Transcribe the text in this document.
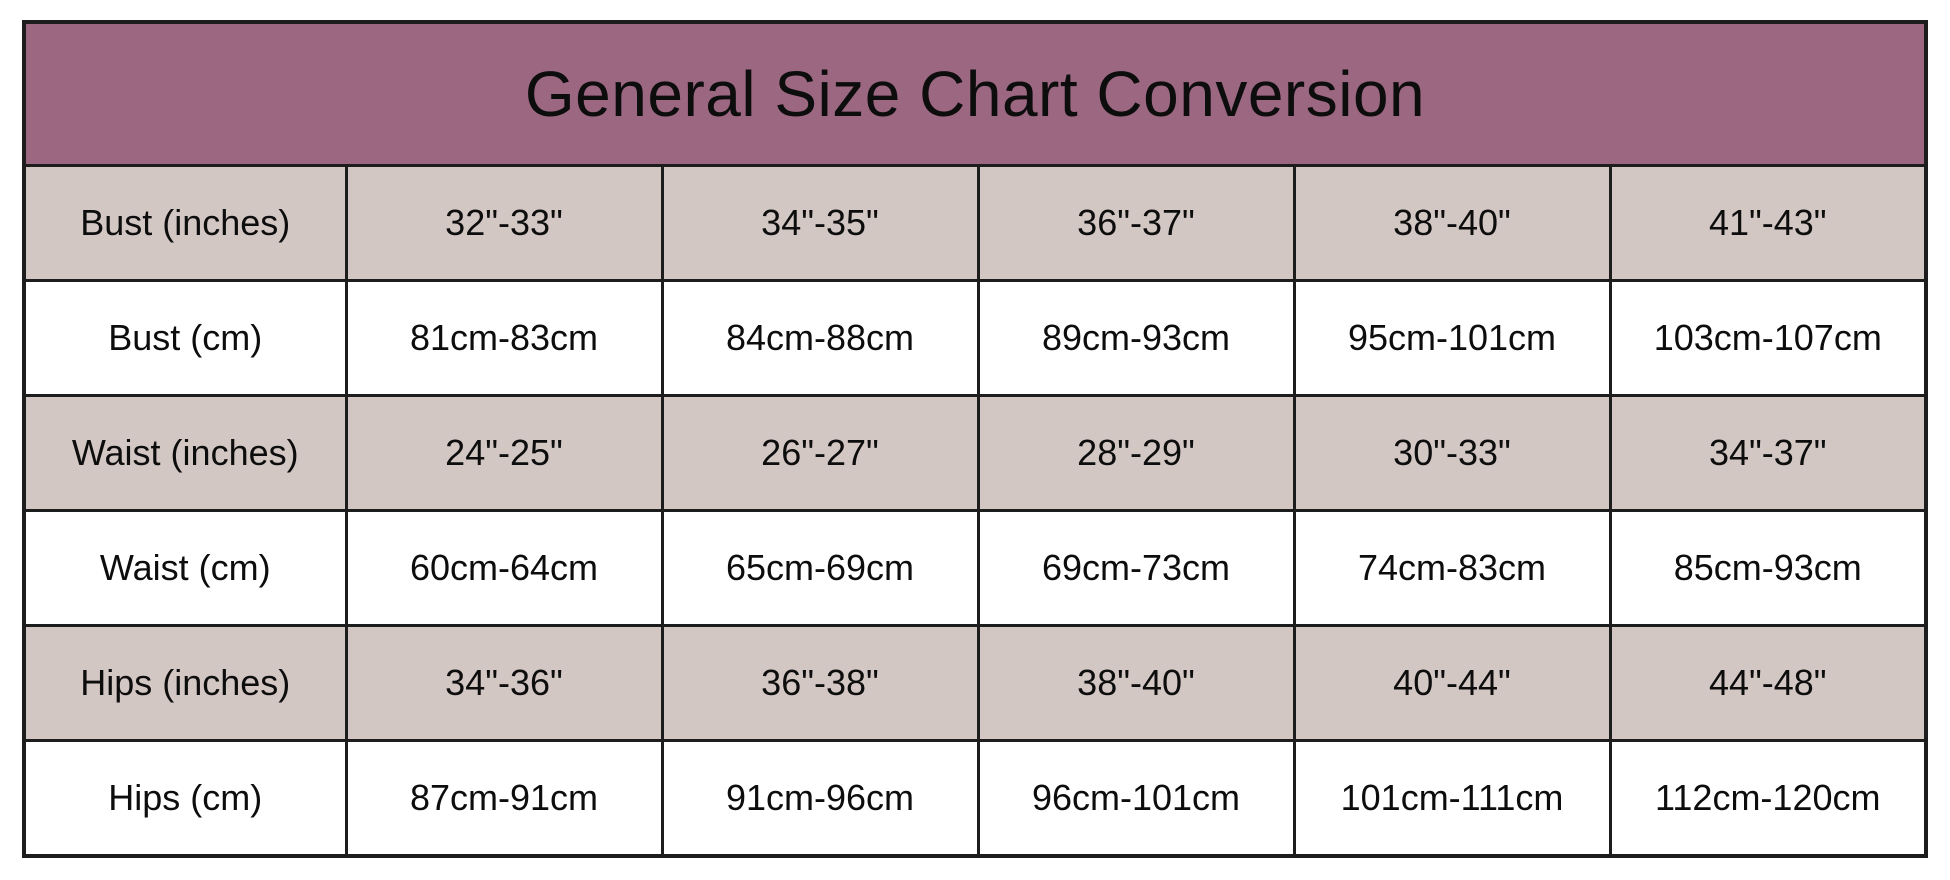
General Size Chart Conversion					
Bust (inches)	32"-33"	34"-35"	36"-37"	38"-40"	41"-43"
Bust (cm)	81cm-83cm	84cm-88cm	89cm-93cm	95cm-101cm	103cm-107cm
Waist (inches)	24"-25"	26"-27"	28"-29"	30"-33"	34"-37"
Waist (cm)	60cm-64cm	65cm-69cm	69cm-73cm	74cm-83cm	85cm-93cm
Hips (inches)	34"-36"	36"-38"	38"-40"	40"-44"	44"-48"
Hips (cm)	87cm-91cm	91cm-96cm	96cm-101cm	101cm-111cm	112cm-120cm
